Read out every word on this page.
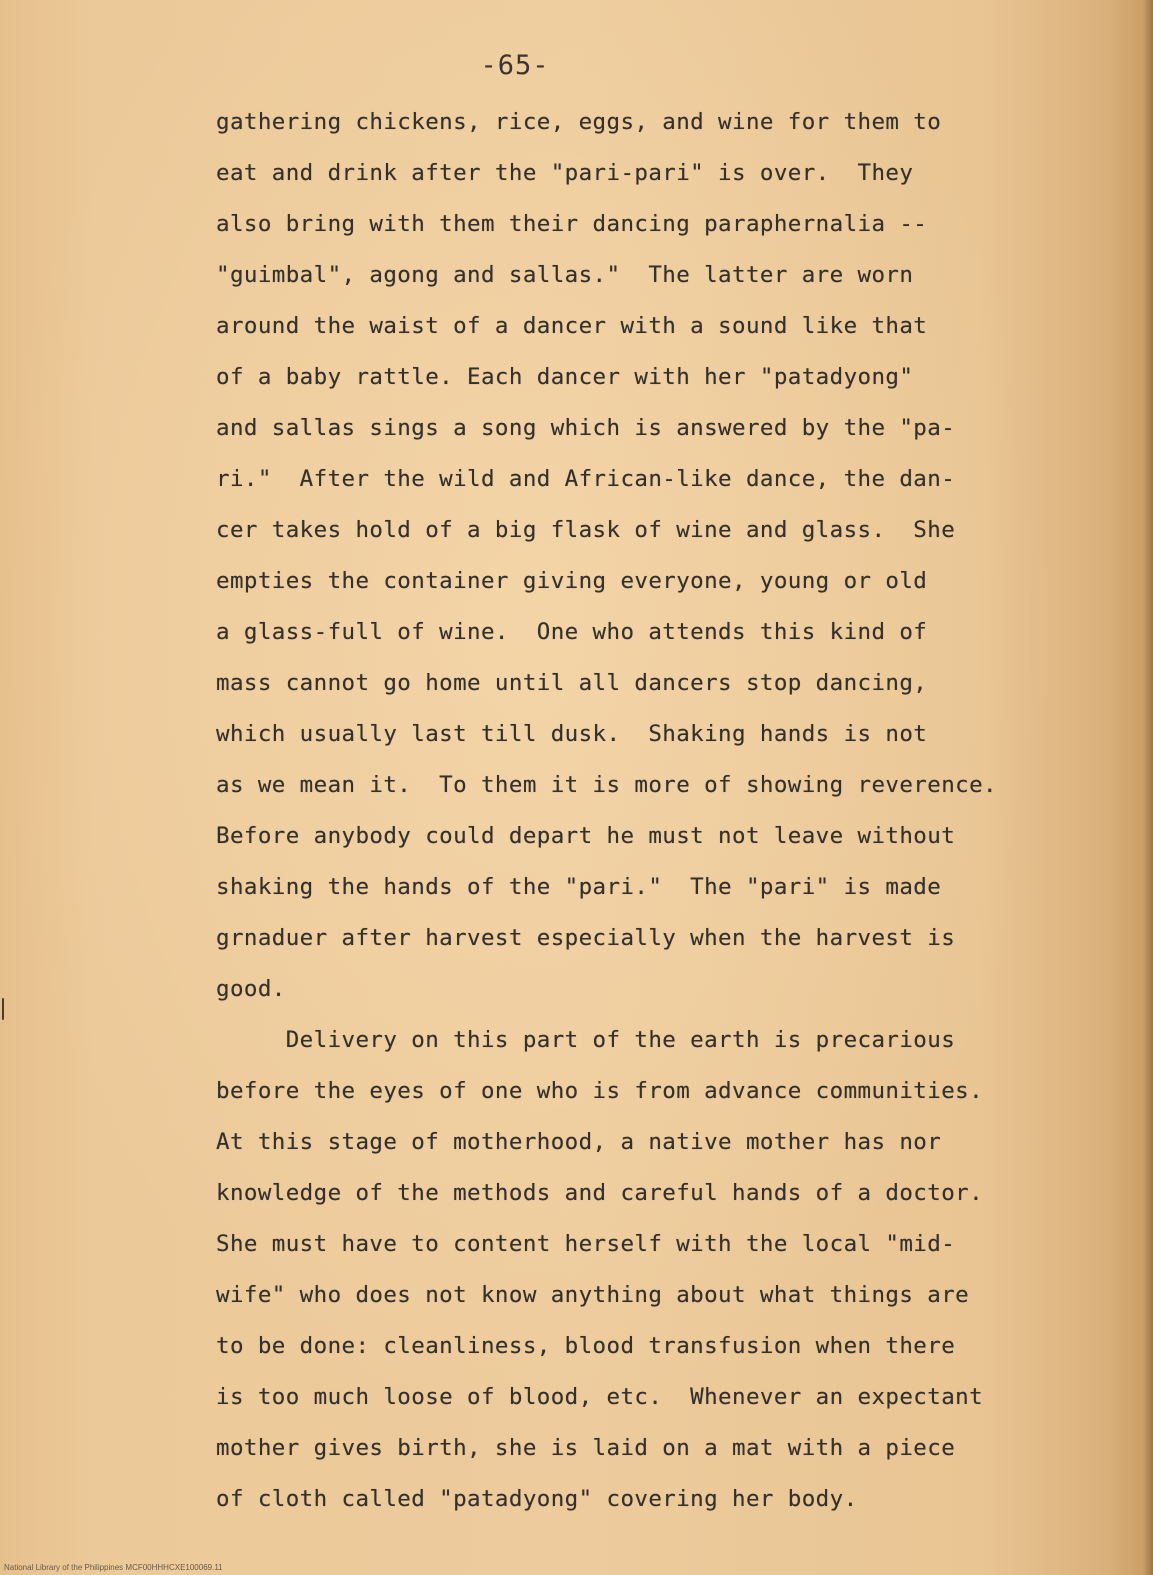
-65-
gathering chickens, rice, eggs, and wine for them to
eat and drink after the "pari-pari" is over.  They
also bring with them their dancing paraphernalia --
"guimbal", agong and sallas."  The latter are worn
around the waist of a dancer with a sound like that
of a baby rattle. Each dancer with her "patadyong"
and sallas sings a song which is answered by the "pa-
ri."  After the wild and African-like dance, the dan-
cer takes hold of a big flask of wine and glass.  She
empties the container giving everyone, young or old
a glass-full of wine.  One who attends this kind of
mass cannot go home until all dancers stop dancing,
which usually last till dusk.  Shaking hands is not
as we mean it.  To them it is more of showing reverence.
Before anybody could depart he must not leave without
shaking the hands of the "pari."  The "pari" is made
grnaduer after harvest especially when the harvest is
good.
Delivery on this part of the earth is precarious
before the eyes of one who is from advance communities.
At this stage of motherhood, a native mother has nor
knowledge of the methods and careful hands of a doctor.
She must have to content herself with the local "mid-
wife" who does not know anything about what things are
to be done: cleanliness, blood transfusion when there
is too much loose of blood, etc.  Whenever an expectant
mother gives birth, she is laid on a mat with a piece
of cloth called "patadyong" covering her body.
National Library of the Philippines MCF00HHHCXE100069.11
